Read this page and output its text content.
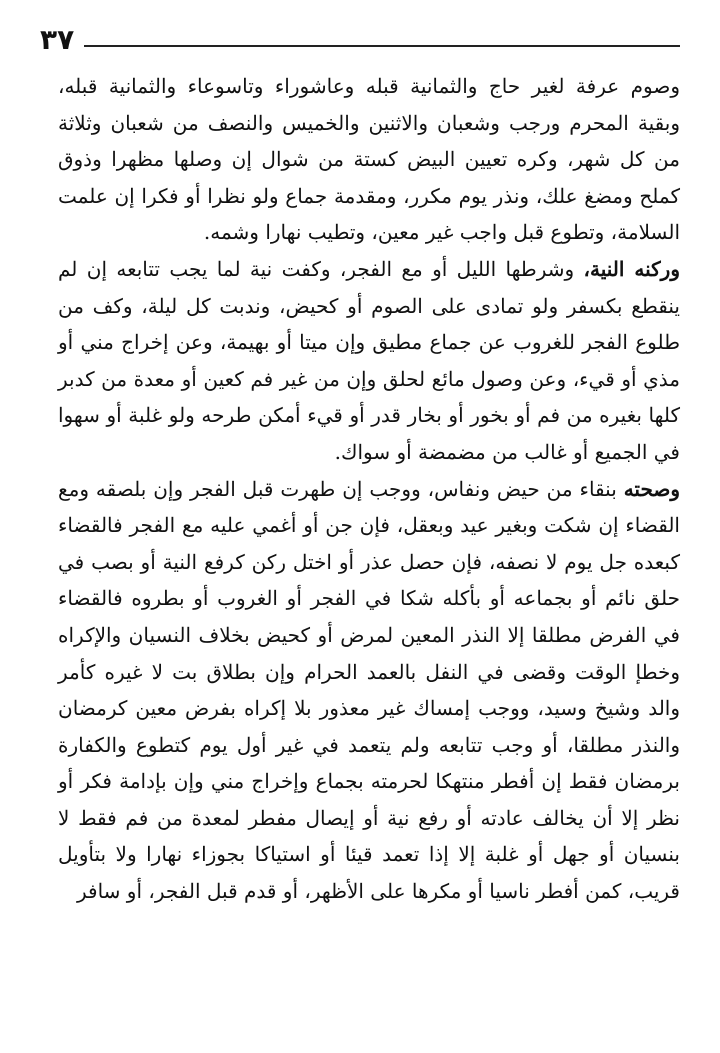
٣٧

وصوم عرفة لغير حاج والثمانية قبله وعاشوراء وتاسوعاء والثمانية قبله، وبقية المحرم ورجب وشعبان والاثنين والخميس والنصف من شعبان وثلاثة من كل شهر، وكره تعيين البيض كستة من شوال إن وصلها مظهرا وذوق كملح ومضغ علك، ونذر يوم مكرر، ومقدمة جماع ولو نظرا أو فكرا إن علمت السلامة، وتطوع قبل واجب غير معين، وتطيب نهارا وشمه.

وركنه النية، وشرطها الليل أو مع الفجر، وكفت نية لما يجب تتابعه إن لم ينقطع بكسفر ولو تمادى على الصوم أو كحيض، وندبت كل ليلة، وكف من طلوع الفجر للغروب عن جماع مطيق وإن ميتا أو بهيمة، وعن إخراج مني أو مذي أو قيء، وعن وصول مائع لحلق وإن من غير فم كعين أو معدة من كدبر كلها بغيره من فم أو بخور أو بخار قدر أو قيء أمكن طرحه ولو غلبة أو سهوا في الجميع أو غالب من مضمضة أو سواك.

وصحته بنقاء من حيض ونفاس، ووجب إن طهرت قبل الفجر وإن بلصقه ومع القضاء إن شكت وبغير عيد وبعقل، فإن جن أو أغمي عليه مع الفجر فالقضاء كبعده جل يوم لا نصفه، فإن حصل عذر أو اختل ركن كرفع النية أو بصب في حلق نائم أو بجماعه أو بأكله شكا في الفجر أو الغروب أو بطروه فالقضاء في الفرض مطلقا إلا النذر المعين لمرض أو كحيض بخلاف النسيان والإكراه وخطإ الوقت وقضى في النفل بالعمد الحرام وإن بطلاق بت لا غيره كأمر والد وشيخ وسيد، ووجب إمساك غير معذور بلا إكراه بفرض معين كرمضان والنذر مطلقا، أو وجب تتابعه ولم يتعمد في غير أول يوم كتطوع والكفارة برمضان فقط إن أفطر منتهكا لحرمته بجماع وإخراج مني وإن بإدامة فكر أو نظر إلا أن يخالف عادته أو رفع نية أو إيصال مفطر لمعدة من فم فقط لا بنسيان أو جهل أو غلبة إلا إذا تعمد قيئا أو استياكا بجوزاء نهارا ولا بتأويل قريب، كمن أفطر ناسيا أو مكرها على الأظهر، أو قدم قبل الفجر، أو سافر
